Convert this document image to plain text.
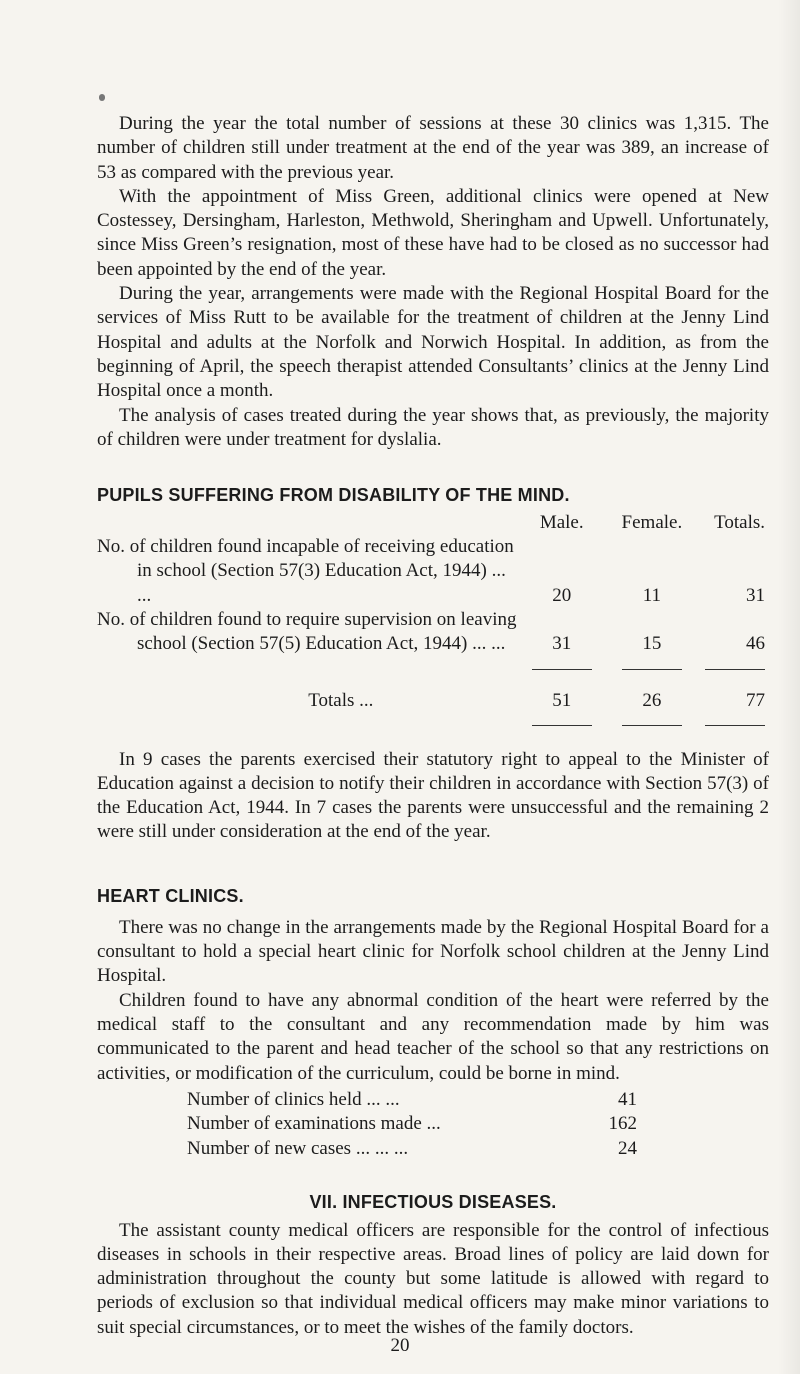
During the year the total number of sessions at these 30 clinics was 1,315. The number of children still under treatment at the end of the year was 389, an increase of 53 as compared with the previous year.

With the appointment of Miss Green, additional clinics were opened at New Costessey, Dersingham, Harleston, Methwold, Sheringham and Upwell. Unfortunately, since Miss Green’s resignation, most of these have had to be closed as no successor had been appointed by the end of the year.

During the year, arrangements were made with the Regional Hospital Board for the services of Miss Rutt to be available for the treatment of children at the Jenny Lind Hospital and adults at the Norfolk and Norwich Hospital. In addition, as from the beginning of April, the speech therapist attended Consultants’ clinics at the Jenny Lind Hospital once a month.

The analysis of cases treated during the year shows that, as previously, the majority of children were under treatment for dyslalia.

PUPILS SUFFERING FROM DISABILITY OF THE MIND.
	Male.	Female.	Totals.

No. of children found incapable of receiving education in school (Section 57(3) Education Act, 1944) ... ...	20	11	31

No. of children found to require supervision on leaving school (Section 57(5) Education Act, 1944) ... ...	31	15	46

Totals ...	51	26	77

In 9 cases the parents exercised their statutory right to appeal to the Minister of Education against a decision to notify their children in accordance with Section 57(3) of the Education Act, 1944. In 7 cases the parents were unsuccessful and the remaining 2 were still under consideration at the end of the year.

HEART CLINICS.

There was no change in the arrangements made by the Regional Hospital Board for a consultant to hold a special heart clinic for Norfolk school children at the Jenny Lind Hospital.

Children found to have any abnormal condition of the heart were referred by the medical staff to the consultant and any recommendation made by him was communicated to the parent and head teacher of the school so that any restrictions on activities, or modification of the curriculum, could be borne in mind.

Number of clinics held ... ...	41
Number of examinations made ...	162
Number of new cases ... ... ...	24
VII. INFECTIOUS DISEASES.

The assistant county medical officers are responsible for the control of infectious diseases in schools in their respective areas. Broad lines of policy are laid down for administration throughout the county but some latitude is allowed with regard to periods of exclusion so that individual medical officers may make minor variations to suit special circumstances, or to meet the wishes of the family doctors.

20
